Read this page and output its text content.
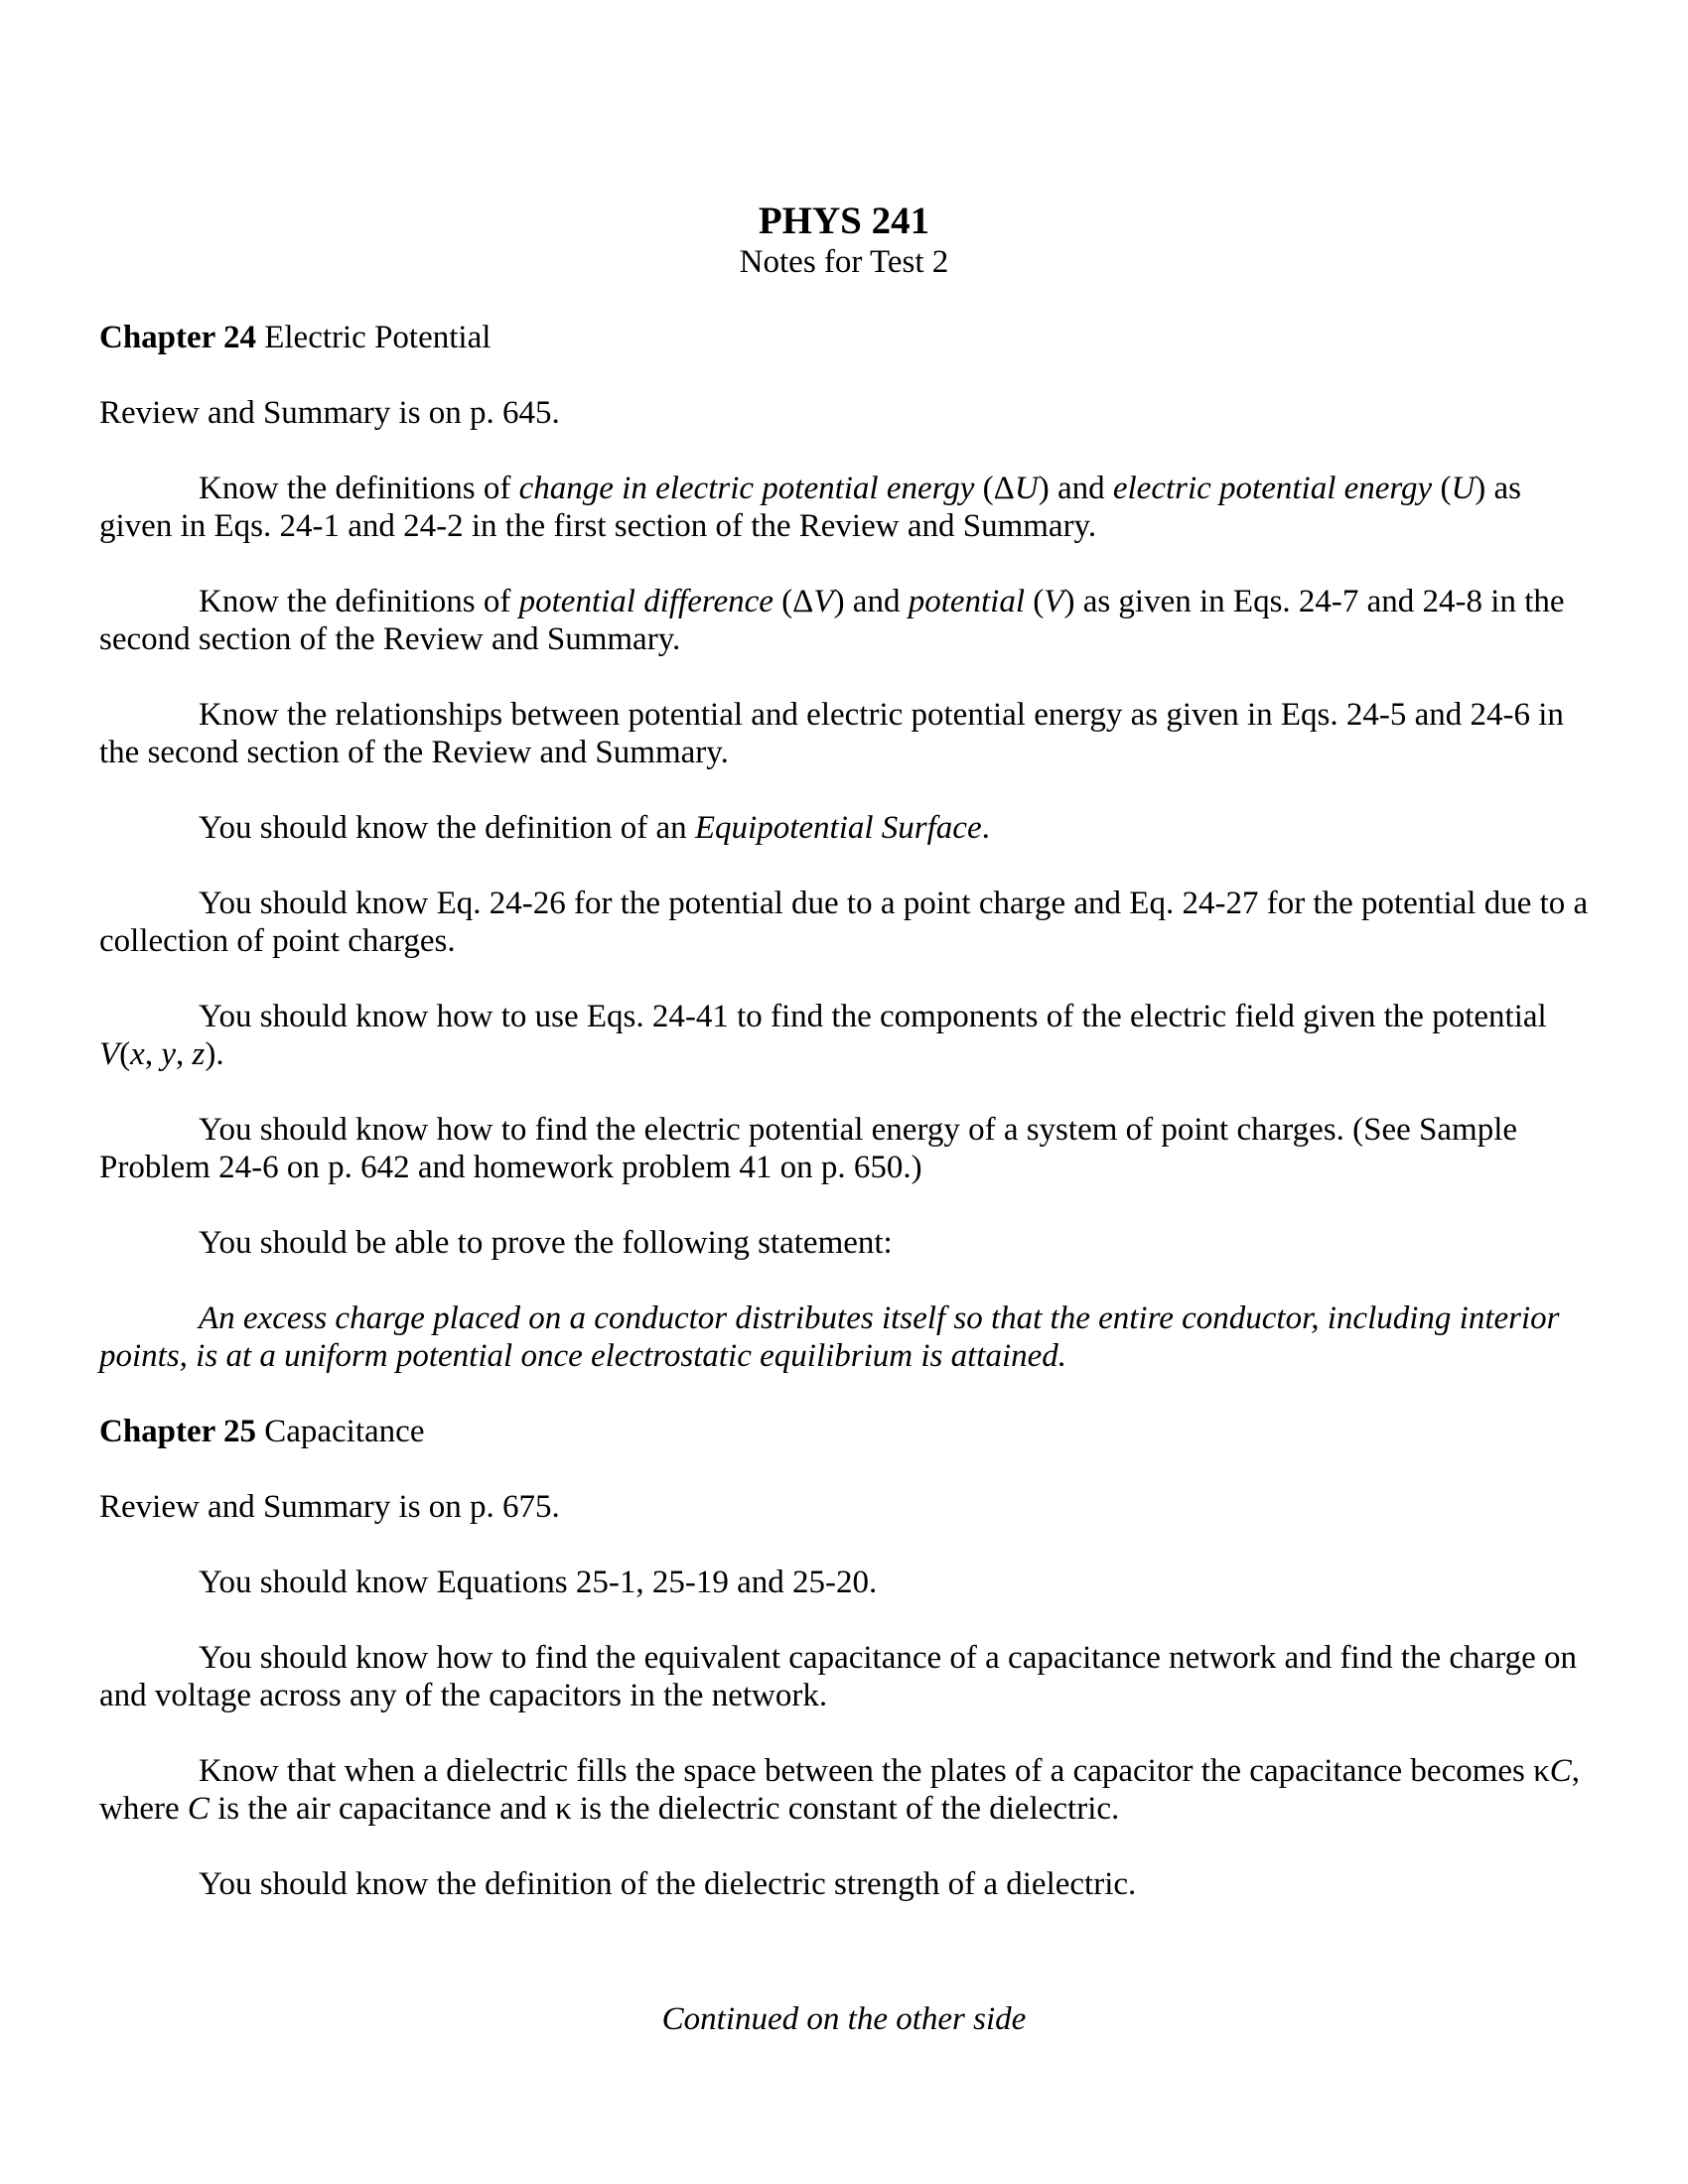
PHYS 241
Notes for Test 2
Chapter 24 Electric Potential
Review and Summary is on p. 645.

Know the definitions of change in electric potential energy (ΔU) and electric potential energy (U) as given in Eqs. 24-1 and 24-2 in the first section of the Review and Summary.

Know the definitions of potential difference (ΔV) and potential (V) as given in Eqs. 24-7 and 24-8 in the second section of the Review and Summary.

Know the relationships between potential and electric potential energy as given in Eqs. 24-5 and 24-6 in the second section of the Review and Summary.

You should know the definition of an Equipotential Surface.

You should know Eq. 24-26 for the potential due to a point charge and Eq. 24-27 for the potential due to a collection of point charges.

You should know how to use Eqs. 24-41 to find the components of the electric field given the potential V(x, y, z).

You should know how to find the electric potential energy of a system of point charges. (See Sample Problem 24-6 on p. 642 and homework problem 41 on p. 650.)

You should be able to prove the following statement:

An excess charge placed on a conductor distributes itself so that the entire conductor, including interior points, is at a uniform potential once electrostatic equilibrium is attained.

Chapter 25 Capacitance
Review and Summary is on p. 675.

You should know Equations 25-1, 25-19 and 25-20.

You should know how to find the equivalent capacitance of a capacitance network and find the charge on and voltage across any of the capacitors in the network.

Know that when a dielectric fills the space between the plates of a capacitor the capacitance becomes κC, where C is the air capacitance and κ is the dielectric constant of the dielectric.

You should know the definition of the dielectric strength of a dielectric.

Continued on the other side
